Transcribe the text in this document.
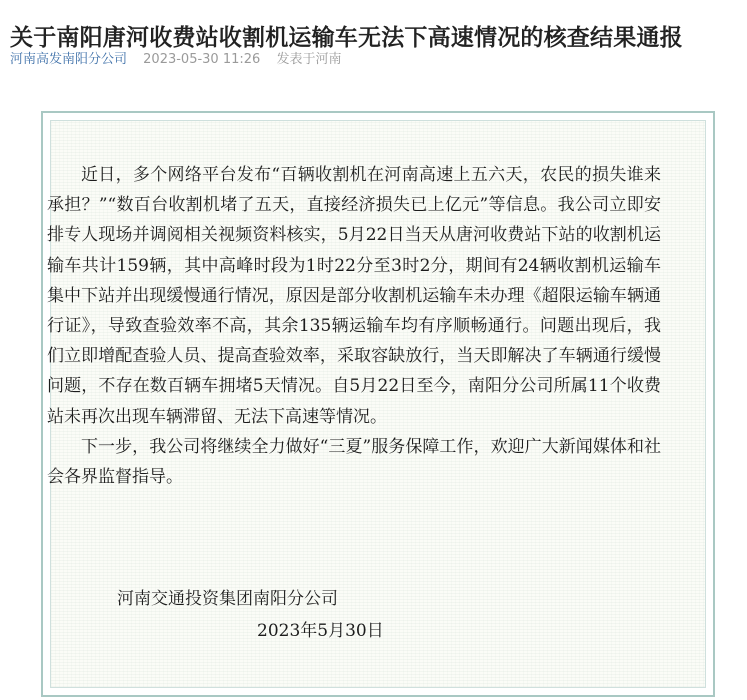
关于南阳唐河收费站收割机运输车无法下高速情况的核查结果通报
河南高发南阳分公司 2023-05-30 11:26 发表于河南

近日，多个网络平台发布“百辆收割机在河南高速上五六天，农民的损失谁来承担？”“数百台收割机堵了五天，直接经济损失已上亿元”等信息。我公司立即安排专人现场并调阅相关视频资料核实，5月22日当天从唐河收费站下站的收割机运输车共计159辆，其中高峰时段为1时22分至3时2分，期间有24辆收割机运输车集中下站并出现缓慢通行情况，原因是部分收割机运输车未办理《超限运输车辆通行证》，导致查验效率不高，其余135辆运输车均有序顺畅通行。问题出现后，我们立即增配查验人员、提高查验效率，采取容缺放行，当天即解决了车辆通行缓慢问题，不存在数百辆车拥堵5天情况。自5月22日至今，南阳分公司所属11个收费站未再次出现车辆滞留、无法下高速等情况。

下一步，我公司将继续全力做好“三夏”服务保障工作，欢迎广大新闻媒体和社会各界监督指导。

河南交通投资集团南阳分公司
2023年5月30日
